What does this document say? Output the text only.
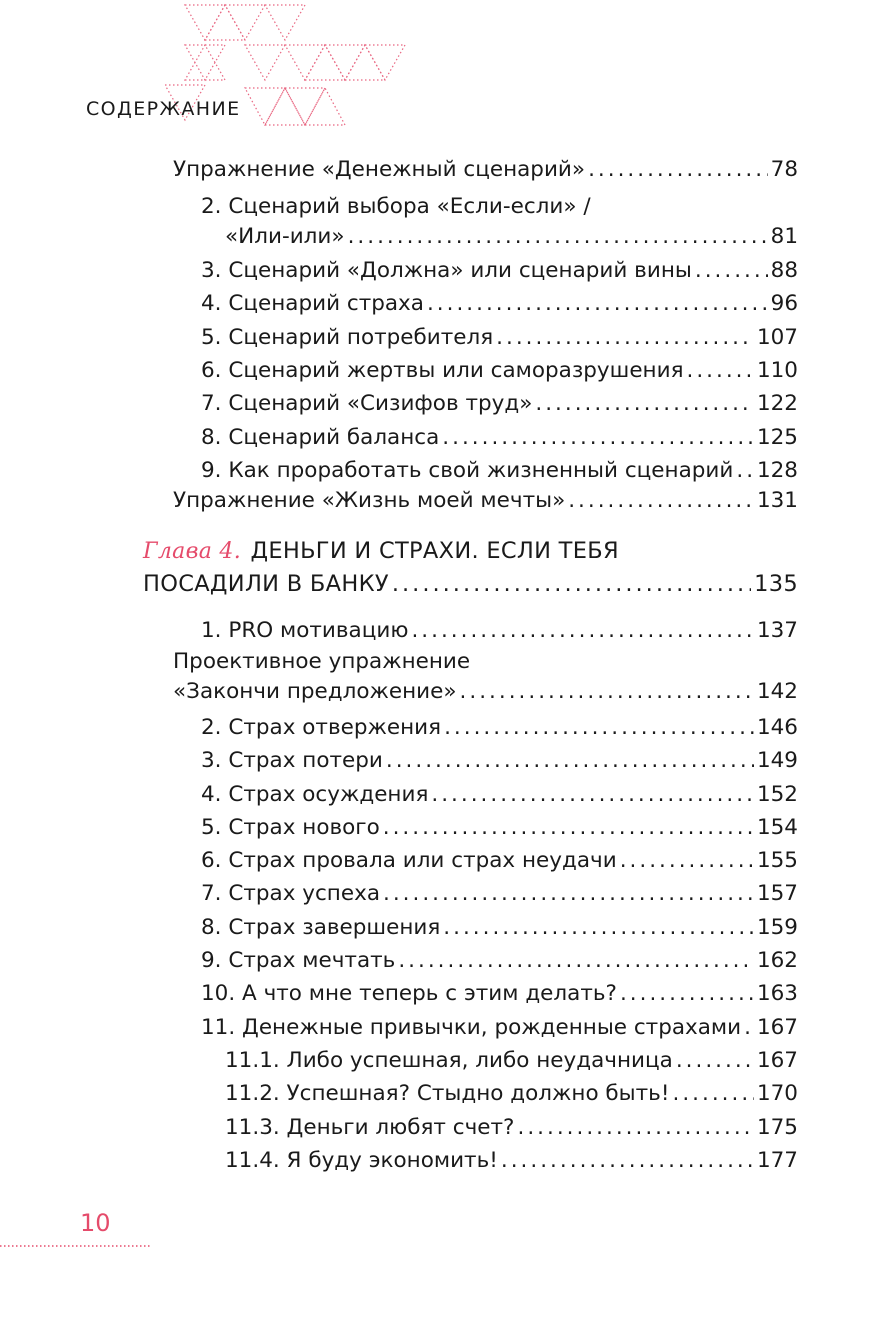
СОДЕРЖАНИЕ
Упражнение «Денежный сценарий» .....	78
2. Сценарий выбора «Если-если» /
«Или-или» .....	81
3. Сценарий «Должна» или сценарий вины .....	88
4. Сценарий страха .....	96
5. Сценарий потребителя .....	107
6. Сценарий жертвы или саморазрушения .....	110
7. Сценарий «Сизифов труд» .....	122
8. Сценарий баланса .....	125
9. Как проработать свой жизненный сценарий ..... 128
Упражнение «Жизнь моей мечты» .....	131
Глава 4. ДЕНЬГИ И СТРАХИ. ЕСЛИ ТЕБЯ
ПОСАДИЛИ В БАНКУ .....	135
1. PRO мотивацию .....	137
Проективное упражнение
«Закончи предложение» .....	142
2. Страх отвержения .....	146
3. Страх потери .....	149
4. Страх осуждения .....	152
5. Страх нового .....	154
6. Страх провала или страх неудачи .....	155
7. Страх успеха .....	157
8. Страх завершения .....	159
9. Страх мечтать .....	162
10. А что мне теперь с этим делать? .....	163
11. Денежные привычки, рожденные страхами ..... 167
11.1. Либо успешная, либо неудачница .....	167
11.2. Успешная? Стыдно должно быть! .....	170
11.3. Деньги любят счет? .....	175
11.4. Я буду экономить! .....	177
10
